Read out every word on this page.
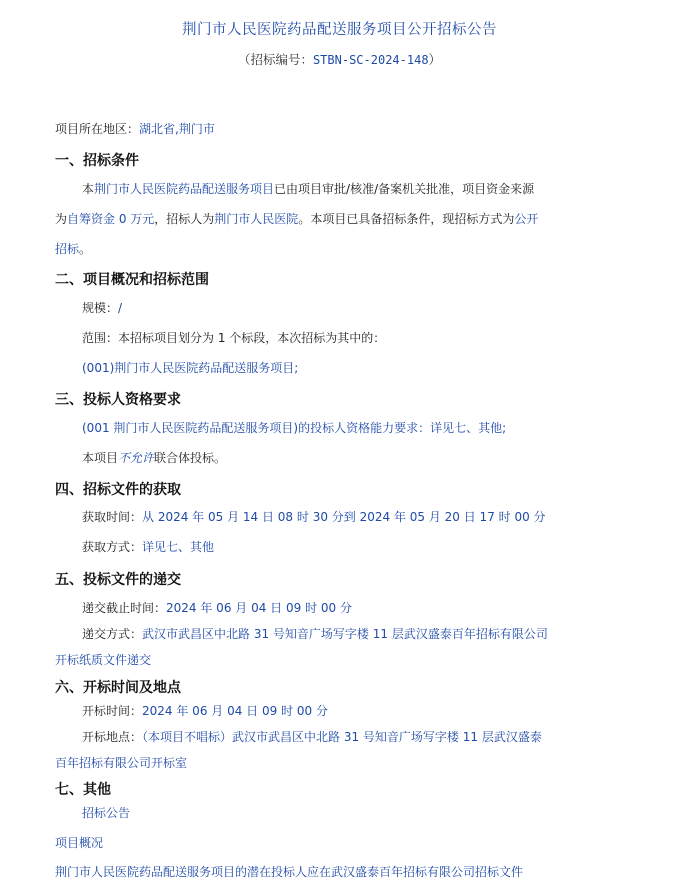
荆门市人民医院药品配送服务项目公开招标公告
（招标编号：STBN-SC-2024-148）
项目所在地区：湖北省,荆门市
一、招标条件
本荆门市人民医院药品配送服务项目已由项目审批/核准/备案机关批准，项目资金来源
为自筹资金 0 万元，招标人为荆门市人民医院。本项目已具备招标条件，现招标方式为公开
招标。
二、项目概况和招标范围
规模：/
范围：本招标项目划分为 1 个标段，本次招标为其中的：
(001)荆门市人民医院药品配送服务项目;
三、投标人资格要求
(001 荆门市人民医院药品配送服务项目)的投标人资格能力要求：详见七、其他;
本项目不允许联合体投标。
四、招标文件的获取
获取时间：从 2024 年 05 月 14 日 08 时 30 分到 2024 年 05 月 20 日 17 时 00 分
获取方式：详见七、其他
五、投标文件的递交
递交截止时间：2024 年 06 月 04 日 09 时 00 分
递交方式：武汉市武昌区中北路 31 号知音广场写字楼 11 层武汉盛泰百年招标有限公司
开标纸质文件递交
六、开标时间及地点
开标时间：2024 年 06 月 04 日 09 时 00 分
开标地点：（本项目不唱标）武汉市武昌区中北路 31 号知音广场写字楼 11 层武汉盛泰
百年招标有限公司开标室
七、其他
招标公告
项目概况
荆门市人民医院药品配送服务项目的潜在投标人应在武汉盛泰百年招标有限公司招标文件
